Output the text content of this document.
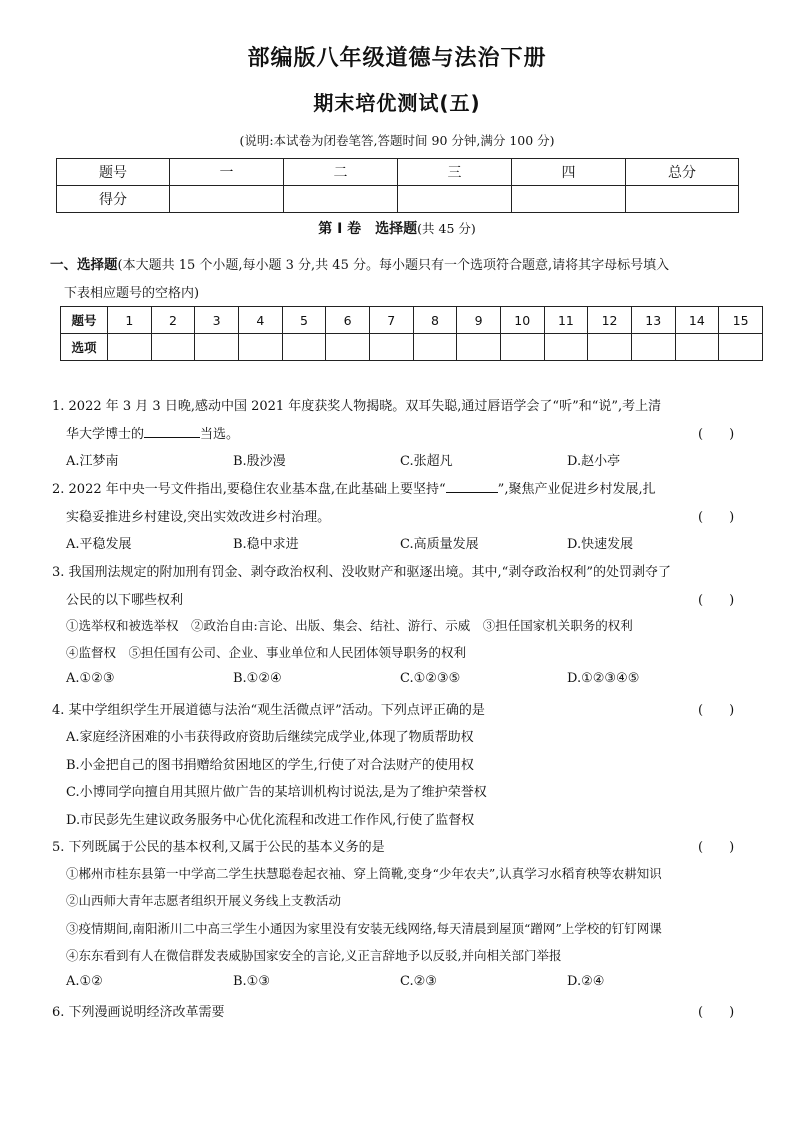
部编版八年级道德与法治下册
期末培优测试(五)
(说明:本试卷为闭卷笔答,答题时间 90 分钟,满分 100 分)
题号	一	二	三	四	总分
得分					
第 I 卷　选择题(共 45 分)
一、选择题(本大题共 15 个小题,每小题 3 分,共 45 分。每小题只有一个选项符合题意,请将其字母标号填入
下表相应题号的空格内)
题号	1	2	3	4	5	6	7	8	9	10	11	12	13	14	15
选项															
1. 2022 年 3 月 3 日晚,感动中国 2021 年度获奖人物揭晓。双耳失聪,通过唇语学会了“听”和“说”,考上清
华大学博士的	当选。	(　　)
A.江梦南	B.殷沙漫	C.张超凡	D.赵小亭
2. 2022 年中央一号文件指出,要稳住农业基本盘,在此基础上要坚持“	”,聚焦产业促进乡村发展,扎
实稳妥推进乡村建设,突出实效改进乡村治理。	(　　)
A.平稳发展	B.稳中求进	C.高质量发展	D.快速发展
3. 我国刑法规定的附加刑有罚金、剥夺政治权利、没收财产和驱逐出境。其中,“剥夺政治权利”的处罚剥夺了
公民的以下哪些权利	(　　)
①选举权和被选举权　②政治自由:言论、出版、集会、结社、游行、示威　③担任国家机关职务的权利
④监督权　⑤担任国有公司、企业、事业单位和人民团体领导职务的权利
A.①②③	B.①②④	C.①②③⑤	D.①②③④⑤
4. 某中学组织学生开展道德与法治“观生活微点评”活动。下列点评正确的是	(　　)
A.家庭经济困难的小韦获得政府资助后继续完成学业,体现了物质帮助权
B.小金把自己的图书捐赠给贫困地区的学生,行使了对合法财产的使用权
C.小博同学向擅自用其照片做广告的某培训机构讨说法,是为了维护荣誉权
D.市民彭先生建议政务服务中心优化流程和改进工作作风,行使了监督权
5. 下列既属于公民的基本权利,又属于公民的基本义务的是	(　　)
①郴州市桂东县第一中学高二学生扶慧聪卷起衣袖、穿上筒靴,变身“少年农夫”,认真学习水稻育秧等农耕知识
②山西师大青年志愿者组织开展义务线上支教活动
③疫情期间,南阳淅川二中高三学生小通因为家里没有安装无线网络,每天清晨到屋顶“蹭网”上学校的钉钉网课
④东东看到有人在微信群发表威胁国家安全的言论,义正言辞地予以反驳,并向相关部门举报
A.①②	B.①③	C.②③	D.②④
6. 下列漫画说明经济改革需要	(　　)
